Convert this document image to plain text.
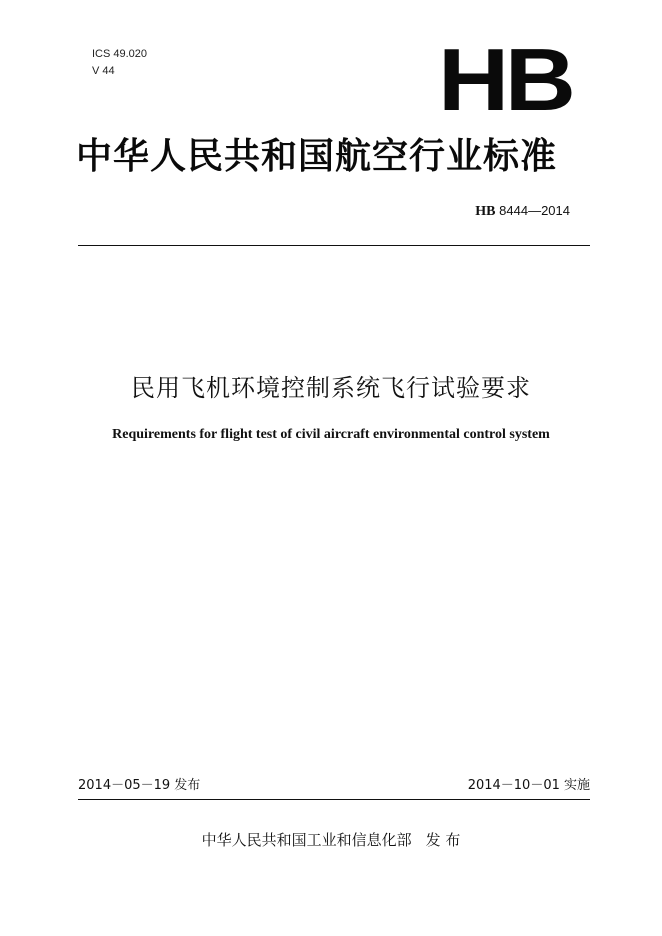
ICS 49.020
V 44	HB
中华人民共和国航空行业标准
HB 8444—2014
民用飞机环境控制系统飞行试验要求
Requirements for flight test of civil aircraft environmental control system
2014－05－19 发布	2014－10－01 实施
中华人民共和国工业和信息化部 发 布
